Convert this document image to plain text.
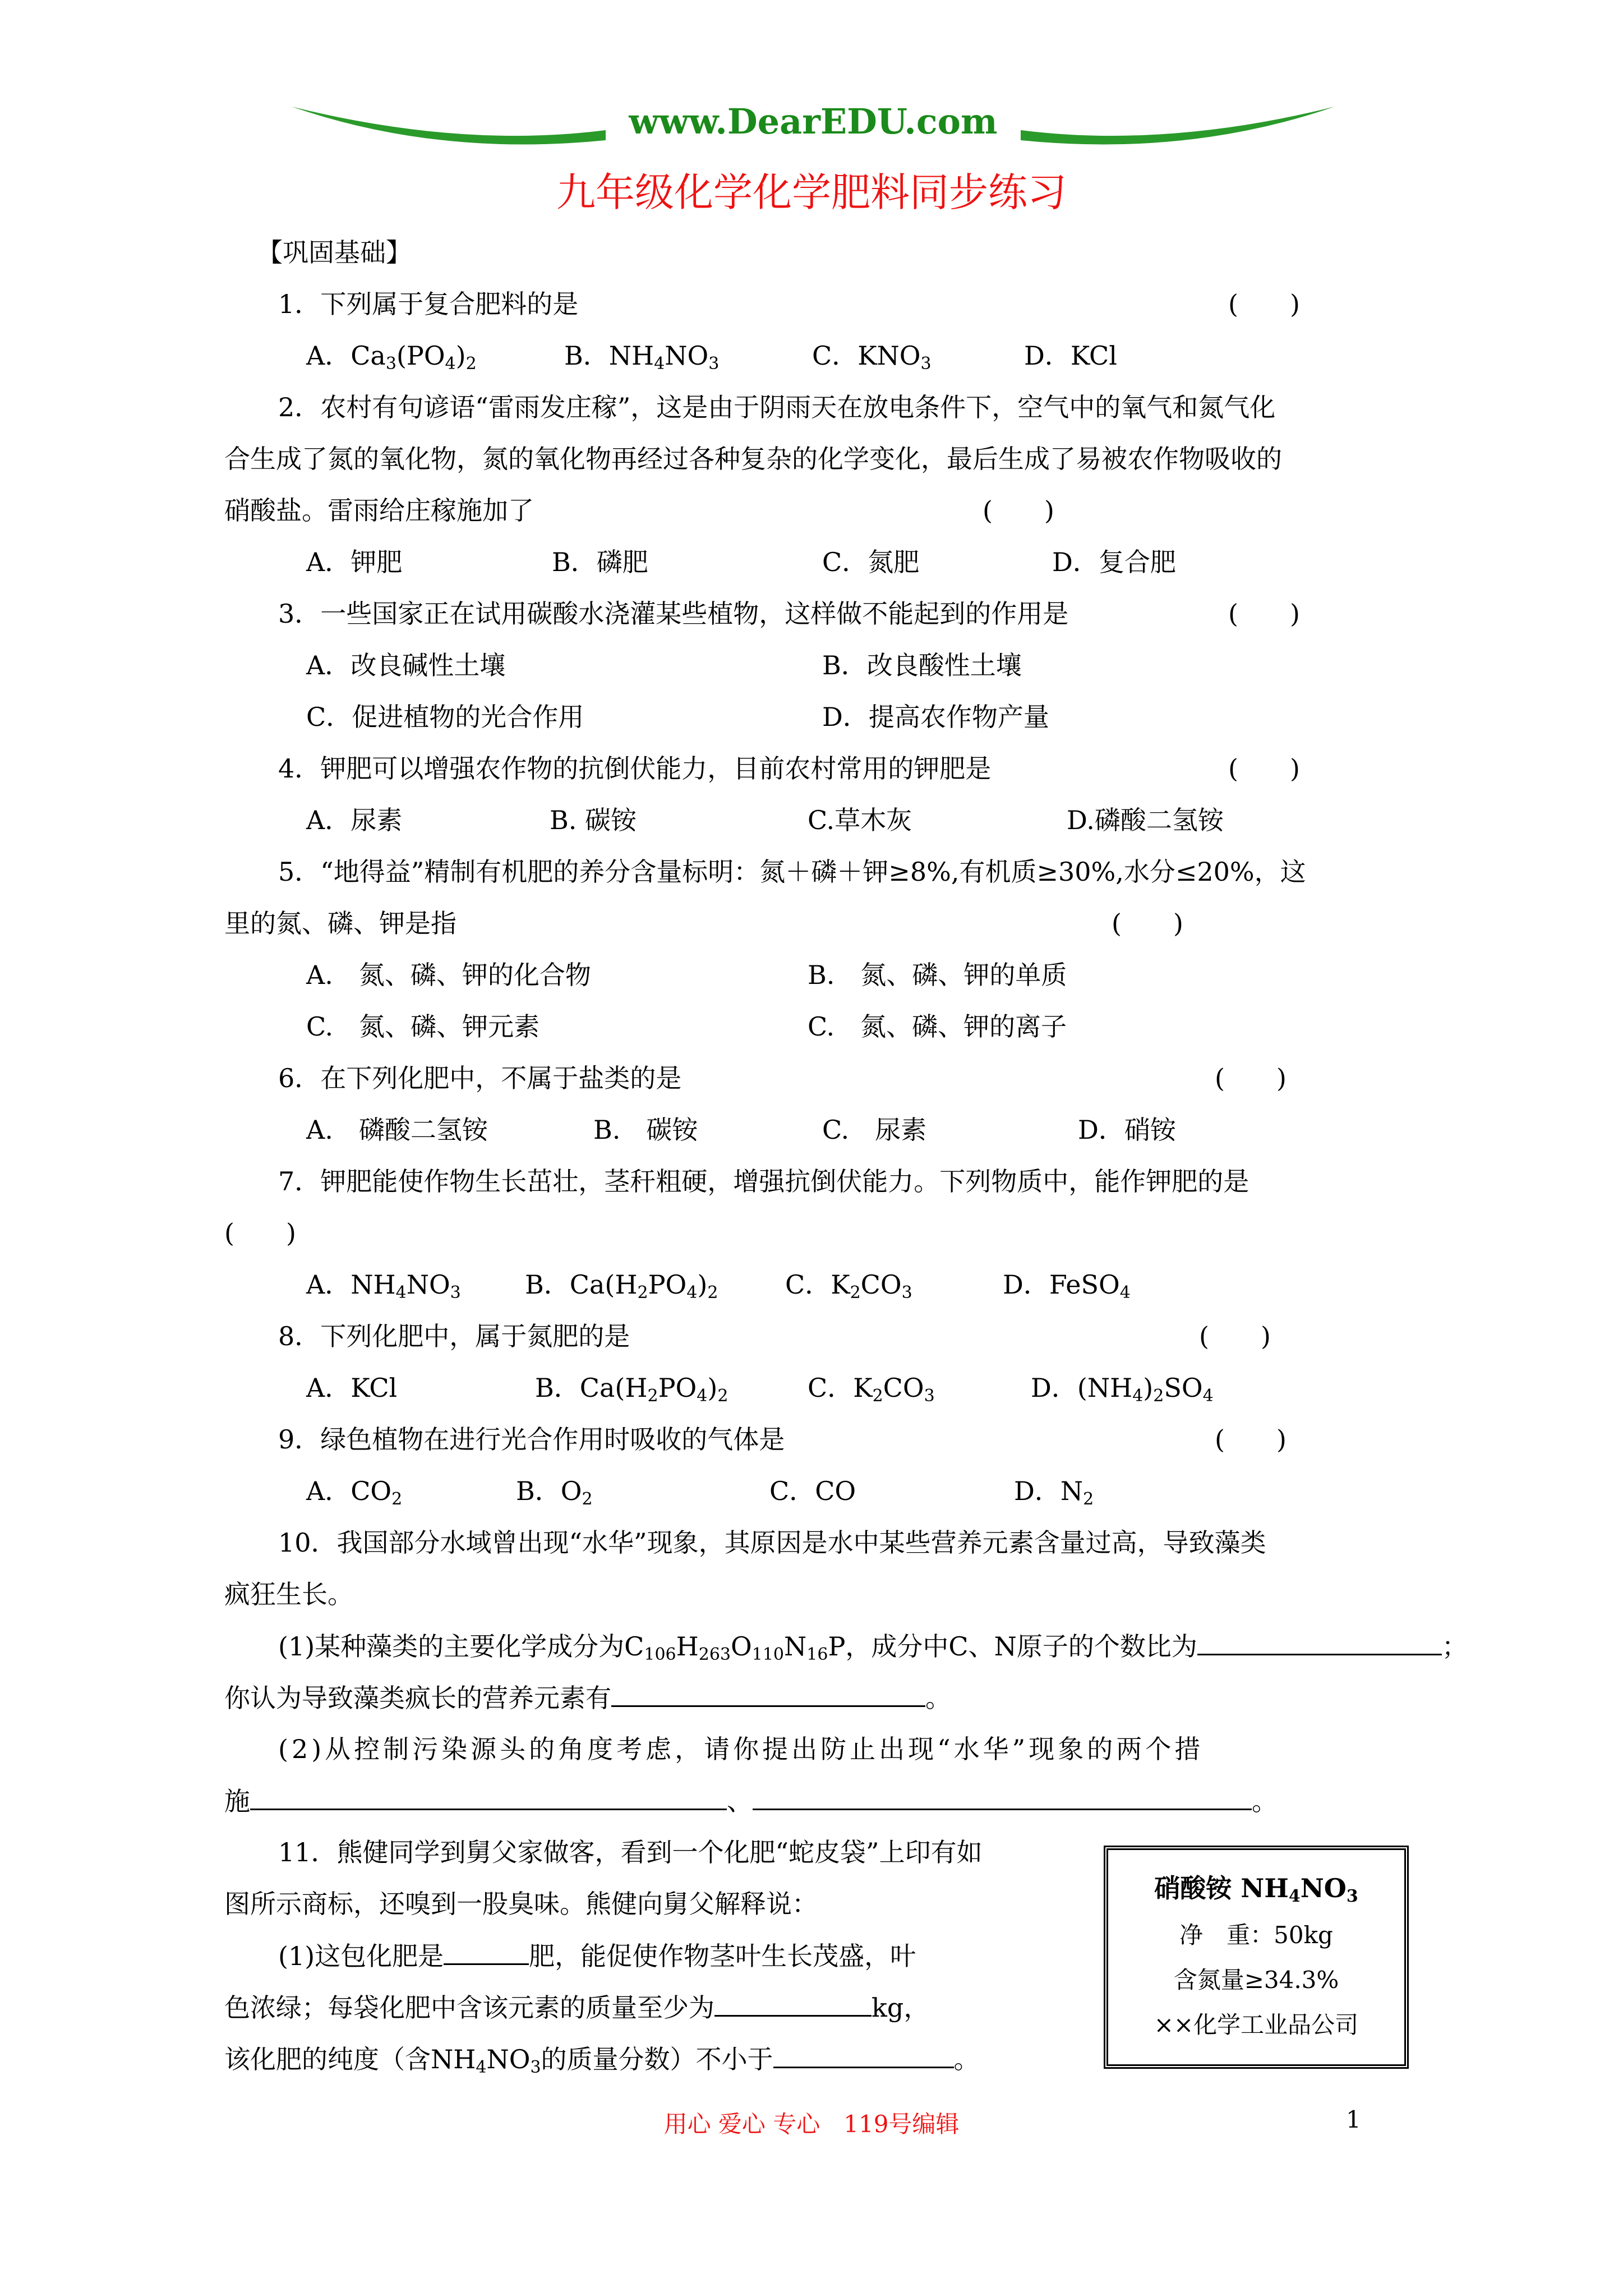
www.DearEDU.com
九年级化学化学肥料同步练习
【巩固基础】
1．下列属于复合肥料的是	(　　)
A．$Ca_3(PO_4)_2$	B．$NH_4NO_3$	C．$KNO_3$	D．KCl
2．农村有句谚语“雷雨发庄稼”，这是由于阴雨天在放电条件下，空气中的氧气和氮气化
合生成了氮的氧化物，氮的氧化物再经过各种复杂的化学变化，最后生成了易被农作物吸收的
硝酸盐。雷雨给庄稼施加了	(　　)
A．钾肥	B．磷肥	C．氮肥	D．复合肥
3．一些国家正在试用碳酸水浇灌某些植物，这样做不能起到的作用是	(　　)
A．改良碱性土壤	B．改良酸性土壤
C．促进植物的光合作用	D．提高农作物产量
4．钾肥可以增强农作物的抗倒伏能力，目前农村常用的钾肥是	(　　)
A．尿素	B. 碳铵	C.草木灰	D.磷酸二氢铵
5．“地得益”精制有机肥的养分含量标明：氮＋磷＋钾≥8%,有机质≥30%,水分≤20%，这
里的氮、磷、钾是指	(　　)
A.　氮、磷、钾的化合物	B.　氮、磷、钾的单质
C.　氮、磷、钾元素	C.　氮、磷、钾的离子
6．在下列化肥中，不属于盐类的是	(　　)
A.　磷酸二氢铵	B.　碳铵	C.　尿素	D．硝铵
7．钾肥能使作物生长茁壮，茎秆粗硬，增强抗倒伏能力。下列物质中，能作钾肥的是
(　　)
A．$NH_4NO_3$ B．$Ca(H_2PO_4)_2$	C．$K_2CO_3$	D．FeSO$_4$
8．下列化肥中，属于氮肥的是	(　　)
A．KCl	B．$Ca(H_2PO_4)_2$	C．$K_2CO_3$	D．$(NH_4)_2SO_4$
9．绿色植物在进行光合作用时吸收的气体是	(　　)
A．$CO_2$	B．$O_2$	C．CO	D．$N_2$
10．我国部分水域曾出现“水华”现象，其原因是水中某些营养元素含量过高，导致藻类
疯狂生长。
(1)某种藻类的主要化学成分为$C_{106}H_{263}O_{110}N_{16}P$，成分中C、N原子的个数比为	；
你认为导致藻类疯长的营养元素有	。
(2)从控制污染源头的角度考虑，请你提出防止出现“水华”现象的两个措
施	、	。
11．熊健同学到舅父家做客，看到一个化肥“蛇皮袋”上印有如
图所示商标，还嗅到一股臭味。熊健向舅父解释说：
(1)这包化肥是	肥，能促使作物茎叶生长茂盛，叶
色浓绿；每袋化肥中含该元素的质量至少为	kg，
该化肥的纯度（含$NH_4NO_3$的质量分数）不小于	。
硝酸铵 $NH_4NO_3$
净　重：50kg
含氮量≥34.3%
××化学工业品公司
用心 爱心 专心　119号编辑	1
